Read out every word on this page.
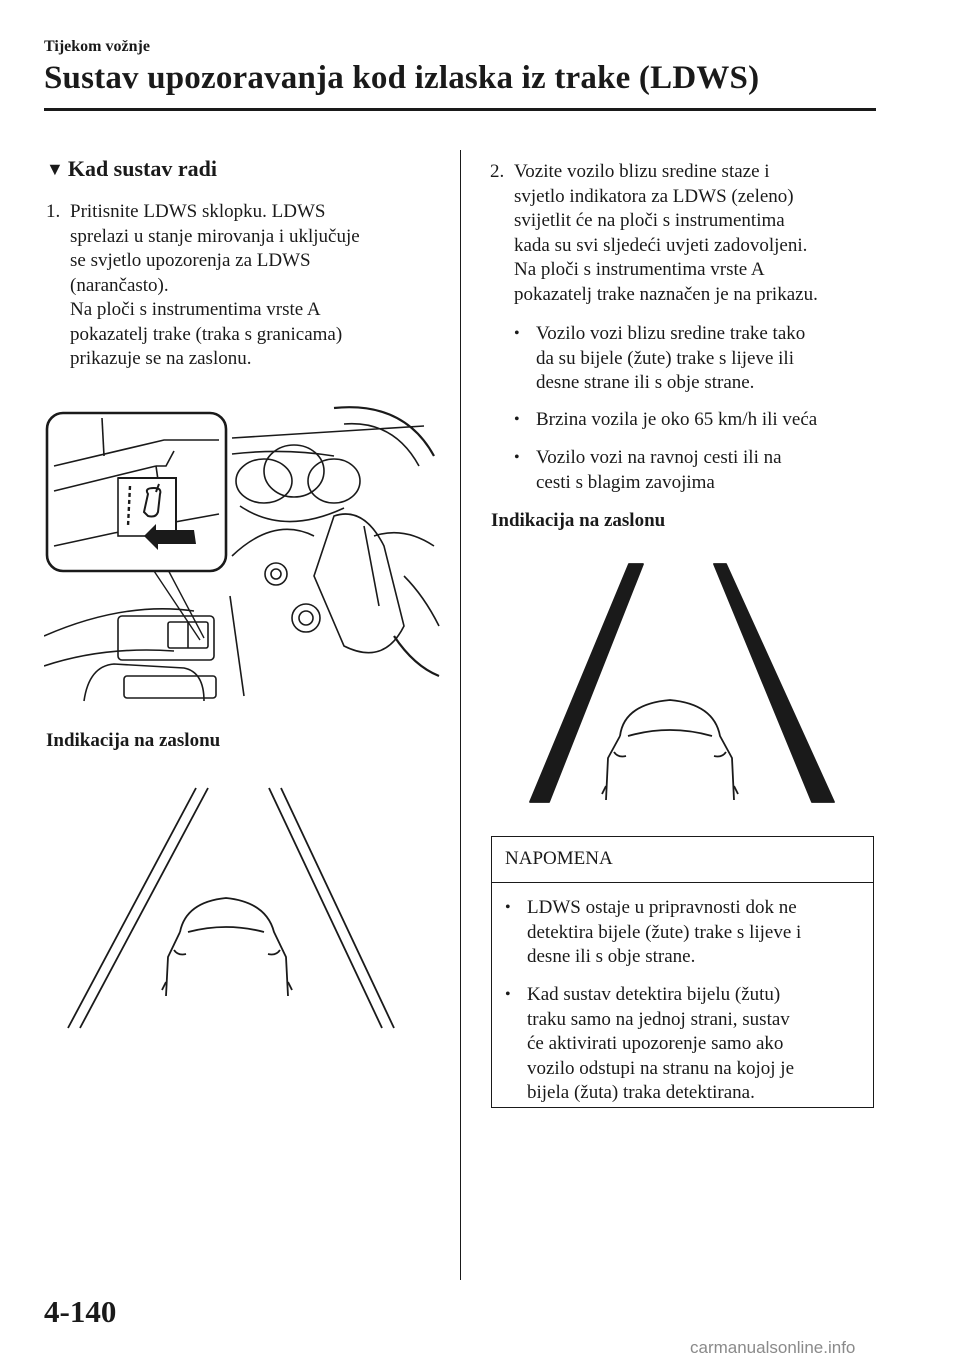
Tijekom vožnje
Sustav upozoravanja kod izlaska iz trake (LDWS)
▼ Kad sustav radi
1. Pritisnite LDWS sklopku. LDWS
sprelazi u stanje mirovanja i uključuje
se svjetlo upozorenja za LDWS
(narančasto).
Na ploči s instrumentima vrste A
pokazatelj trake (traka s granicama)
prikazuje se na zaslonu.
Indikacija na zaslonu
2. Vozite vozilo blizu sredine staze i
svjetlo indikatora za LDWS (zeleno)
svijetlit će na ploči s instrumentima
kada su svi sljedeći uvjeti zadovoljeni.
Na ploči s instrumentima vrste A
pokazatelj trake naznačen je na prikazu.
• Vozilo vozi blizu sredine trake tako
da su bijele (žute) trake s lijeve ili
desne strane ili s obje strane.
• Brzina vozila je oko 65 km/h ili veća
• Vozilo vozi na ravnoj cesti ili na
cesti s blagim zavojima
Indikacija na zaslonu
NAPOMENA
• LDWS ostaje u pripravnosti dok ne
detektira bijele (žute) trake s lijeve i
desne ili s obje strane.
• Kad sustav detektira bijelu (žutu)
traku samo na jednoj strani, sustav
će aktivirati upozorenje samo ako
vozilo odstupi na stranu na kojoj je
bijela (žuta) traka detektirana.
4-140
carmanualsonline.info
